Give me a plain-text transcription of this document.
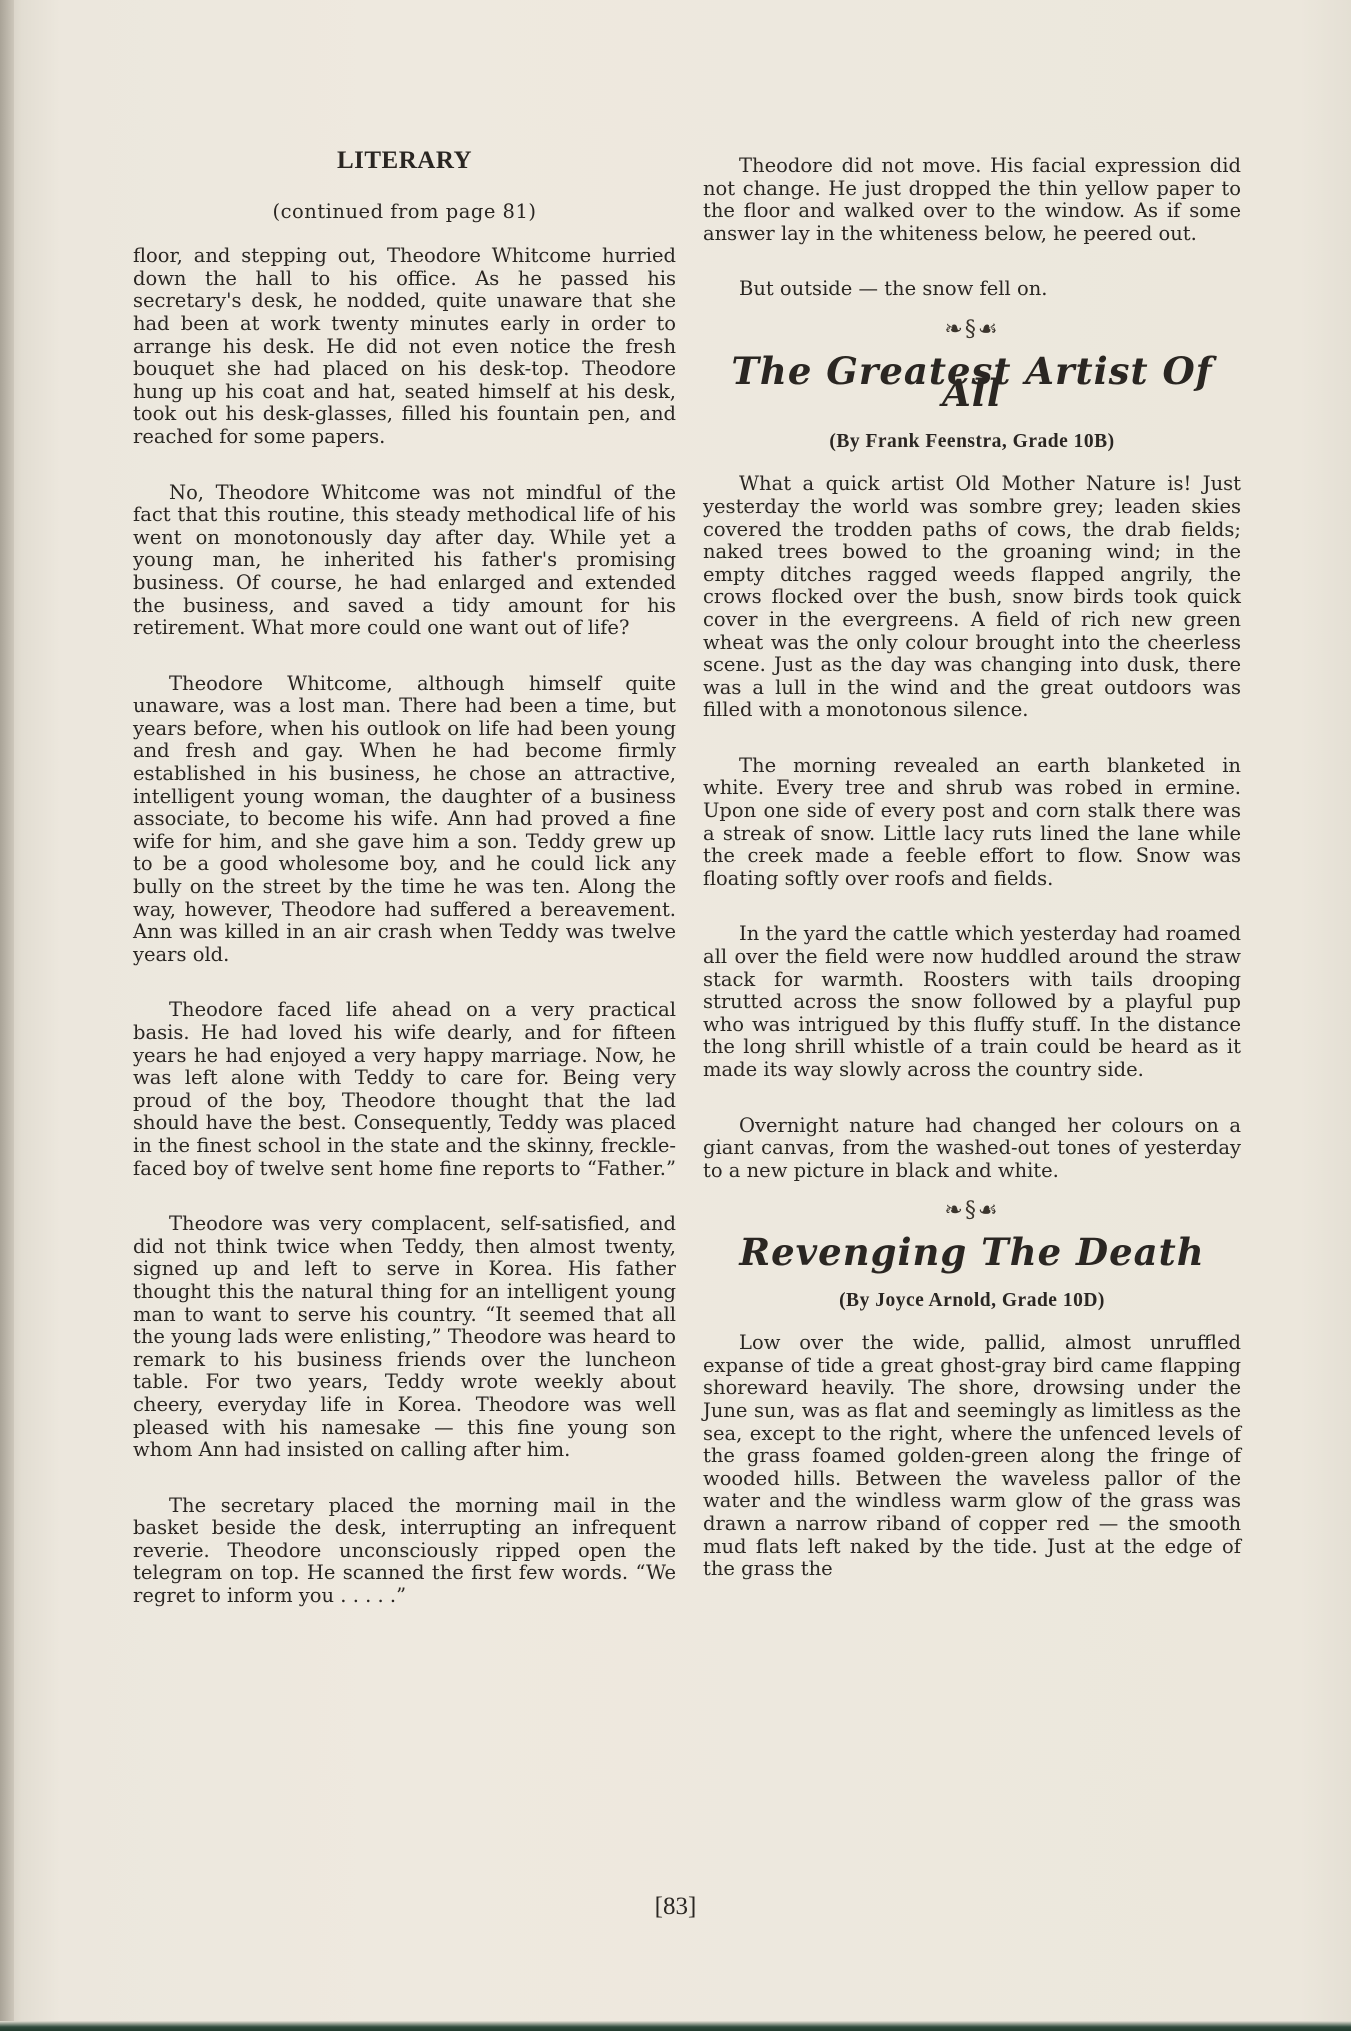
LITERARY
(continued from page 81)

floor, and stepping out, Theodore Whitcome hurried down the hall to his office. As he passed his secretary's desk, he nodded, quite unaware that she had been at work twenty minutes early in order to arrange his desk. He did not even notice the fresh bouquet she had placed on his desk-top. Theodore hung up his coat and hat, seated himself at his desk, took out his desk-glasses, filled his fountain pen, and reached for some papers.

No, Theodore Whitcome was not mindful of the fact that this routine, this steady methodical life of his went on monotonously day after day. While yet a young man, he inherited his father's promising business. Of course, he had enlarged and extended the business, and saved a tidy amount for his retirement. What more could one want out of life?

Theodore Whitcome, although himself quite unaware, was a lost man. There had been a time, but years before, when his outlook on life had been young and fresh and gay. When he had become firmly established in his business, he chose an attractive, intelligent young woman, the daughter of a business associate, to become his wife. Ann had proved a fine wife for him, and she gave him a son. Teddy grew up to be a good wholesome boy, and he could lick any bully on the street by the time he was ten. Along the way, however, Theodore had suffered a bereavement. Ann was killed in an air crash when Teddy was twelve years old.

Theodore faced life ahead on a very practical basis. He had loved his wife dearly, and for fifteen years he had enjoyed a very happy marriage. Now, he was left alone with Teddy to care for. Being very proud of the boy, Theodore thought that the lad should have the best. Consequently, Teddy was placed in the finest school in the state and the skinny, freckle-faced boy of twelve sent home fine reports to “Father.”

Theodore was very complacent, self-satisfied, and did not think twice when Teddy, then almost twenty, signed up and left to serve in Korea. His father thought this the natural thing for an intelligent young man to want to serve his country. “It seemed that all the young lads were enlisting,” Theodore was heard to remark to his business friends over the luncheon table. For two years, Teddy wrote weekly about cheery, everyday life in Korea. Theodore was well pleased with his namesake — this fine young son whom Ann had insisted on calling after him.

The secretary placed the morning mail in the basket beside the desk, interrupting an infrequent reverie. Theodore unconsciously ripped open the telegram on top. He scanned the first few words. “We regret to inform you . . . . .”

Theodore did not move. His facial expression did not change. He just dropped the thin yellow paper to the floor and walked over to the window. As if some answer lay in the whiteness below, he peered out.

But outside — the snow fell on.

❧§☙
The Greatest Artist Of All
(By Frank Feenstra, Grade 10B)

What a quick artist Old Mother Nature is! Just yesterday the world was sombre grey; leaden skies covered the trodden paths of cows, the drab fields; naked trees bowed to the groaning wind; in the empty ditches ragged weeds flapped angrily, the crows flocked over the bush, snow birds took quick cover in the evergreens. A field of rich new green wheat was the only colour brought into the cheerless scene. Just as the day was changing into dusk, there was a lull in the wind and the great outdoors was filled with a monotonous silence.

The morning revealed an earth blanketed in white. Every tree and shrub was robed in ermine. Upon one side of every post and corn stalk there was a streak of snow. Little lacy ruts lined the lane while the creek made a feeble effort to flow. Snow was floating softly over roofs and fields.

In the yard the cattle which yesterday had roamed all over the field were now huddled around the straw stack for warmth. Roosters with tails drooping strutted across the snow followed by a playful pup who was intrigued by this fluffy stuff. In the distance the long shrill whistle of a train could be heard as it made its way slowly across the country side.

Overnight nature had changed her colours on a giant canvas, from the washed-out tones of yesterday to a new picture in black and white.

❧§☙
Revenging The Death
(By Joyce Arnold, Grade 10D)

Low over the wide, pallid, almost unruffled expanse of tide a great ghost-gray bird came flapping shoreward heavily. The shore, drowsing under the June sun, was as flat and seemingly as limitless as the sea, except to the right, where the unfenced levels of the grass foamed golden-green along the fringe of wooded hills. Between the waveless pallor of the water and the windless warm glow of the grass was drawn a narrow riband of copper red — the smooth mud flats left naked by the tide. Just at the edge of the grass the

[83]
